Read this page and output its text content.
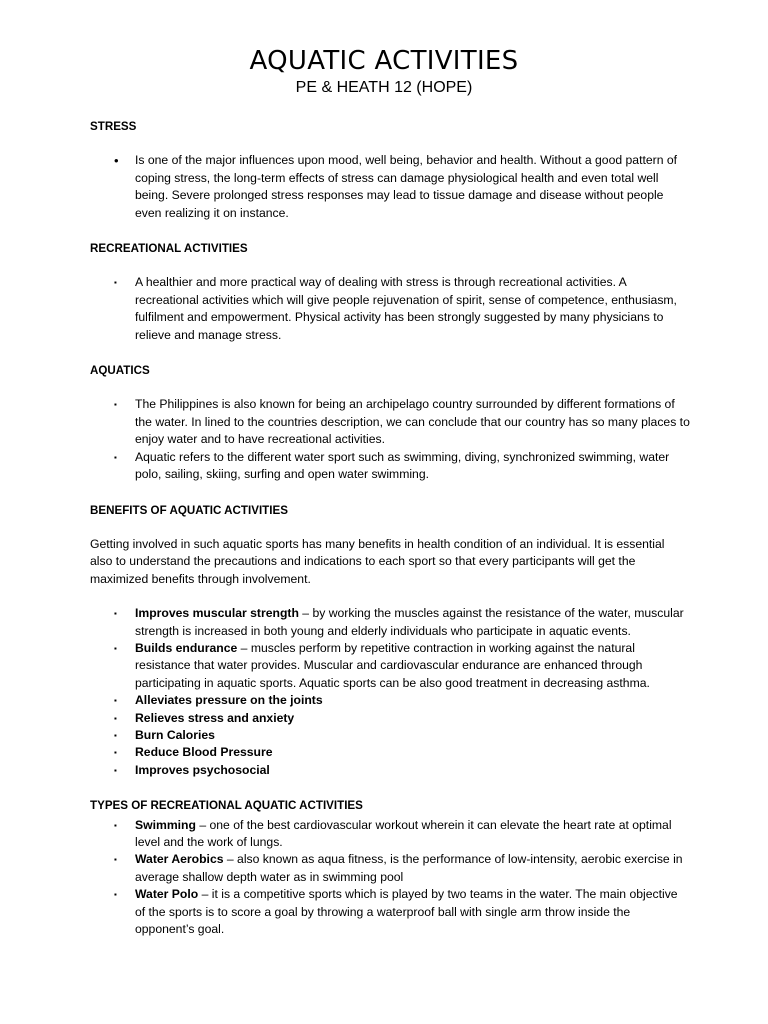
AQUATIC ACTIVITIES
PE & HEATH 12 (HOPE)

STRESS

•	Is one of the major influences upon mood, well being, behavior and health. Without a good pattern of coping stress, the long-term effects of stress can damage physiological health and even total well being. Severe prolonged stress responses may lead to tissue damage and disease without people even realizing it on instance.

RECREATIONAL ACTIVITIES

▪	A healthier and more practical way of dealing with stress is through recreational activities. A recreational activities which will give people rejuvenation of spirit, sense of competence, enthusiasm, fulfilment and empowerment. Physical activity has been strongly suggested by many physicians to relieve and manage stress.

AQUATICS

▪	The Philippines is also known for being an archipelago country surrounded by different formations of the water. In lined to the countries description, we can conclude that our country has so many places to enjoy water and to have recreational activities.
▪	Aquatic refers to the different water sport such as swimming, diving, synchronized swimming, water polo, sailing, skiing, surfing and open water swimming.

BENEFITS OF AQUATIC ACTIVITIES

Getting involved in such aquatic sports has many benefits in health condition of an individual. It is essential also to understand the precautions and indications to each sport so that every participants will get the maximized benefits through involvement.

▪	Improves muscular strength – by working the muscles against the resistance of the water, muscular strength is increased in both young and elderly individuals who participate in aquatic events.
▪	Builds endurance – muscles perform by repetitive contraction in working against the natural resistance that water provides. Muscular and cardiovascular endurance are enhanced through participating in aquatic sports. Aquatic sports can be also good treatment in decreasing asthma.
▪	Alleviates pressure on the joints
▪	Relieves stress and anxiety
▪	Burn Calories
▪	Reduce Blood Pressure
▪	Improves psychosocial

TYPES OF RECREATIONAL AQUATIC ACTIVITIES

▪	Swimming – one of the best cardiovascular workout wherein it can elevate the heart rate at optimal level and the work of lungs.
▪	Water Aerobics – also known as aqua fitness, is the performance of low-intensity, aerobic exercise in average shallow depth water as in swimming pool
▪	Water Polo – it is a competitive sports which is played by two teams in the water. The main objective of the sports is to score a goal by throwing a waterproof ball with single arm throw inside the opponent’s goal.
